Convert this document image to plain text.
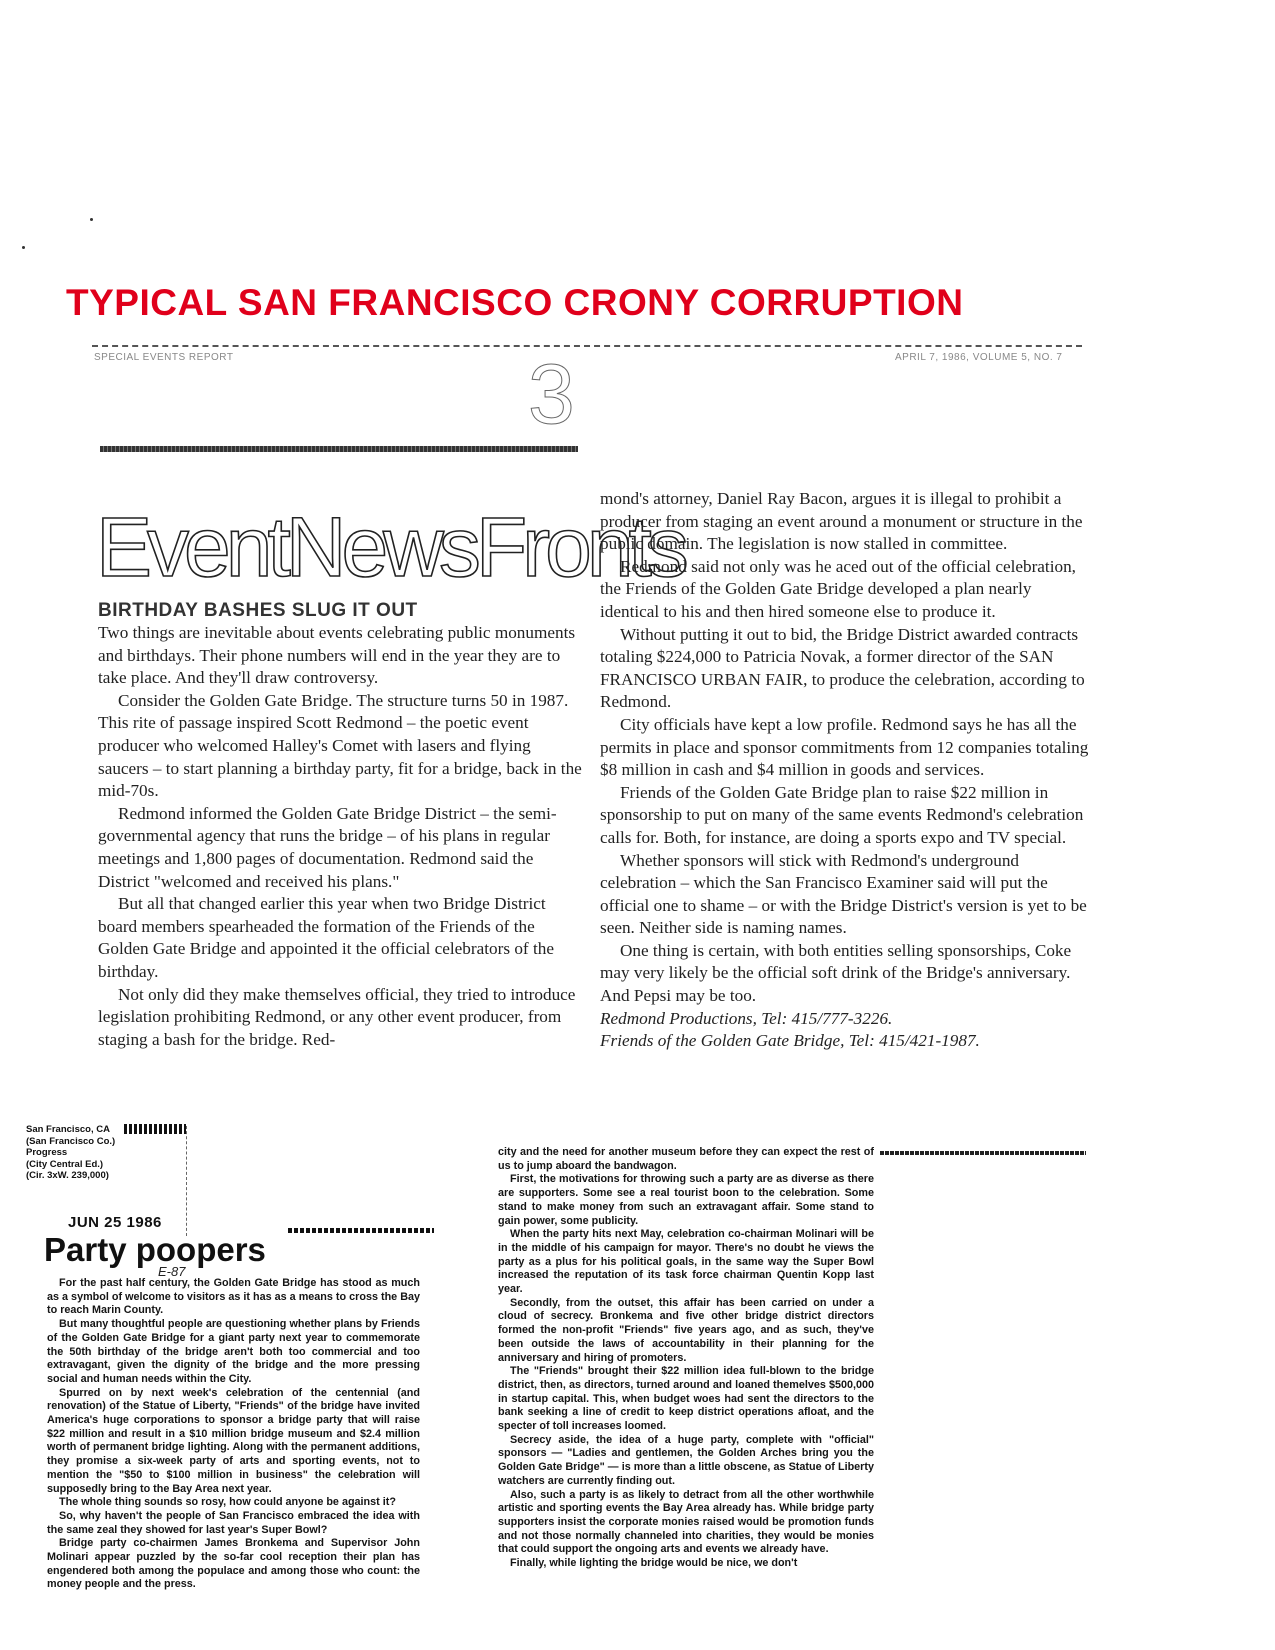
TYPICAL SAN FRANCISCO CRONY CORRUPTION
SPECIAL EVENTS REPORT	3	APRIL 7, 1986, VOLUME 5, NO. 7
EventNewsFronts
BIRTHDAY BASHES SLUG IT OUT

Two things are inevitable about events celebrating public monuments and birthdays. Their phone numbers will end in the year they are to take place. And they'll draw controversy.

Consider the Golden Gate Bridge. The structure turns 50 in 1987. This rite of passage inspired Scott Redmond – the poetic event producer who welcomed Halley's Comet with lasers and flying saucers – to start planning a birthday party, fit for a bridge, back in the mid-70s.

Redmond informed the Golden Gate Bridge District – the semi-governmental agency that runs the bridge – of his plans in regular meetings and 1,800 pages of documentation. Redmond said the District "welcomed and received his plans."

But all that changed earlier this year when two Bridge District board members spearheaded the formation of the Friends of the Golden Gate Bridge and appointed it the official celebrators of the birthday.

Not only did they make themselves official, they tried to introduce legislation prohibiting Redmond, or any other event producer, from staging a bash for the bridge. Red-

mond's attorney, Daniel Ray Bacon, argues it is illegal to prohibit a producer from staging an event around a monument or structure in the public domain. The legislation is now stalled in committee.

Redmond said not only was he aced out of the official celebration, the Friends of the Golden Gate Bridge developed a plan nearly identical to his and then hired someone else to produce it.

Without putting it out to bid, the Bridge District awarded contracts totaling $224,000 to Patricia Novak, a former director of the SAN FRANCISCO URBAN FAIR, to produce the celebration, according to Redmond.

City officials have kept a low profile. Redmond says he has all the permits in place and sponsor commitments from 12 companies totaling $8 million in cash and $4 million in goods and services.

Friends of the Golden Gate Bridge plan to raise $22 million in sponsorship to put on many of the same events Redmond's celebration calls for. Both, for instance, are doing a sports expo and TV special.

Whether sponsors will stick with Redmond's underground celebration – which the San Francisco Examiner said will put the official one to shame – or with the Bridge District's version is yet to be seen. Neither side is naming names.

One thing is certain, with both entities selling sponsorships, Coke may very likely be the official soft drink of the Bridge's anniversary. And Pepsi may be too.

Redmond Productions, Tel: 415/777-3226.

Friends of the Golden Gate Bridge, Tel: 415/421-1987.

San Francisco, CA
(San Francisco Co.)
Progress
(City Central Ed.)
(Cir. 3xW. 239,000)
JUN 25 1986
Party poopers
E-87

For the past half century, the Golden Gate Bridge has stood as much as a symbol of welcome to visitors as it has as a means to cross the Bay to reach Marin County.

But many thoughtful people are questioning whether plans by Friends of the Golden Gate Bridge for a giant party next year to commemorate the 50th birthday of the bridge aren't both too commercial and too extravagant, given the dignity of the bridge and the more pressing social and human needs within the City.

Spurred on by next week's celebration of the centennial (and renovation) of the Statue of Liberty, "Friends" of the bridge have invited America's huge corporations to sponsor a bridge party that will raise $22 million and result in a $10 million bridge museum and $2.4 million worth of permanent bridge lighting. Along with the permanent additions, they promise a six-week party of arts and sporting events, not to mention the "$50 to $100 million in business" the celebration will supposedly bring to the Bay Area next year.

The whole thing sounds so rosy, how could anyone be against it?

So, why haven't the people of San Francisco embraced the idea with the same zeal they showed for last year's Super Bowl?

Bridge party co-chairmen James Bronkema and Supervisor John Molinari appear puzzled by the so-far cool reception their plan has engendered both among the populace and among those who count: the money people and the press.

city and the need for another museum before they can expect the rest of us to jump aboard the bandwagon.

First, the motivations for throwing such a party are as diverse as there are supporters. Some see a real tourist boon to the celebration. Some stand to make money from such an extravagant affair. Some stand to gain power, some publicity.

When the party hits next May, celebration co-chairman Molinari will be in the middle of his campaign for mayor. There's no doubt he views the party as a plus for his political goals, in the same way the Super Bowl increased the reputation of its task force chairman Quentin Kopp last year.

Secondly, from the outset, this affair has been carried on under a cloud of secrecy. Bronkema and five other bridge district directors formed the non-profit "Friends" five years ago, and as such, they've been outside the laws of accountability in their planning for the anniversary and hiring of promoters.

The "Friends" brought their $22 million idea full-blown to the bridge district, then, as directors, turned around and loaned themelves $500,000 in startup capital. This, when budget woes had sent the directors to the bank seeking a line of credit to keep district operations afloat, and the specter of toll increases loomed.

Secrecy aside, the idea of a huge party, complete with "official" sponsors — "Ladies and gentlemen, the Golden Arches bring you the Golden Gate Bridge" — is more than a little obscene, as Statue of Liberty watchers are currently finding out.

Also, such a party is as likely to detract from all the other worthwhile artistic and sporting events the Bay Area already has. While bridge party supporters insist the corporate monies raised would be promotion funds and not those normally channeled into charities, they would be monies that could support the ongoing arts and events we already have.

Finally, while lighting the bridge would be nice, we don't
